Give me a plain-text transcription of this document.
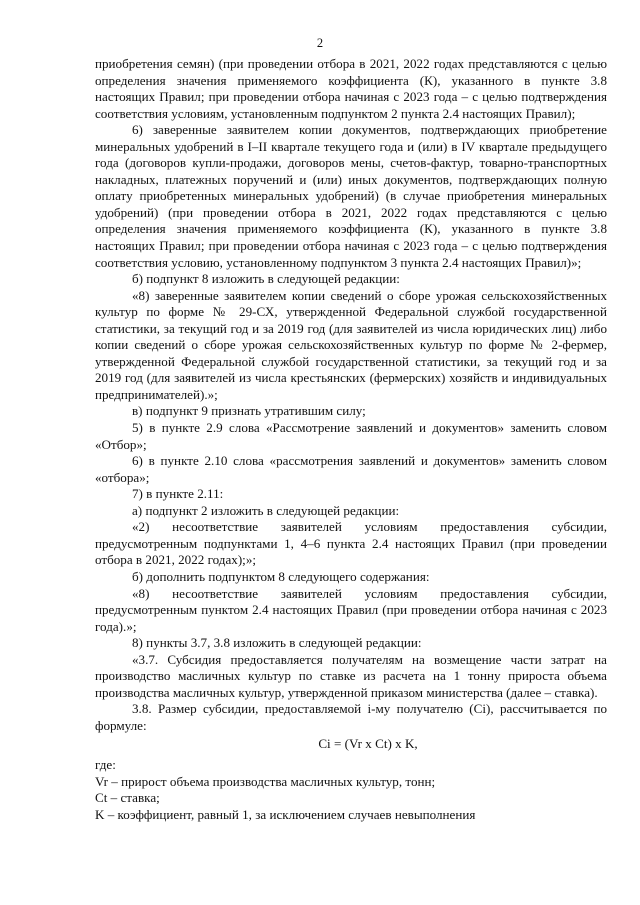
2

приобретения семян) (при проведении отбора в 2021, 2022 годах представляются с целью определения значения применяемого коэффициента (К), указанного в пункте 3.8 настоящих Правил; при проведении отбора начиная с 2023 года – с целью подтверждения соответствия условиям, установленным подпунктом 2 пункта 2.4 настоящих Правил);

6) заверенные заявителем копии документов, подтверждающих приобретение минеральных удобрений в I–II квартале текущего года и (или) в IV квартале предыдущего года (договоров купли-продажи, договоров мены, счетов-фактур, товарно-транспортных накладных, платежных поручений и (или) иных документов, подтверждающих полную оплату приобретенных минеральных удобрений) (в случае приобретения минеральных удобрений) (при проведении отбора в 2021, 2022 годах представляются с целью определения значения применяемого коэффициента (К), указанного в пункте 3.8 настоящих Правил; при проведении отбора начиная с 2023 года – с целью подтверждения соответствия условию, установленному подпунктом 3 пункта 2.4 настоящих Правил)»;

б) подпункт 8 изложить в следующей редакции:

«8) заверенные заявителем копии сведений о сборе урожая сельскохозяйственных культур по форме № 29-СХ, утвержденной Федеральной службой государственной статистики, за текущий год и за 2019 год (для заявителей из числа юридических лиц) либо копии сведений о сборе урожая сельскохозяйственных культур по форме № 2-фермер, утвержденной Федеральной службой государственной статистики, за текущий год и за 2019 год (для заявителей из числа крестьянских (фермерских) хозяйств и индивидуальных предпринимателей).»;

в) подпункт 9 признать утратившим силу;

5) в пункте 2.9 слова «Рассмотрение заявлений и документов» заменить словом «Отбор»;

6) в пункте 2.10 слова «рассмотрения заявлений и документов» заменить словом «отбора»;

7) в пункте 2.11:

а) подпункт 2 изложить в следующей редакции:

«2) несоответствие заявителей условиям предоставления субсидии, предусмотренным подпунктами 1, 4–6 пункта 2.4 настоящих Правил (при проведении отбора в 2021, 2022 годах);»;

б) дополнить подпунктом 8 следующего содержания:

«8) несоответствие заявителей условиям предоставления субсидии, предусмотренным пунктом 2.4 настоящих Правил (при проведении отбора начиная с 2023 года).»;

8) пункты 3.7, 3.8 изложить в следующей редакции:

«3.7. Субсидия предоставляется получателям на возмещение части затрат на производство масличных культур по ставке из расчета на 1 тонну прироста объема производства масличных культур, утвержденной приказом министерства (далее – ставка).

3.8. Размер субсидии, предоставляемой i-му получателю (Ci), рассчитывается по формуле:

Ci = (Vr x Ct) x K,

где:

Vr – прирост объема производства масличных культур, тонн;

Ct – ставка;

K – коэффициент, равный 1, за исключением случаев невыполнения
